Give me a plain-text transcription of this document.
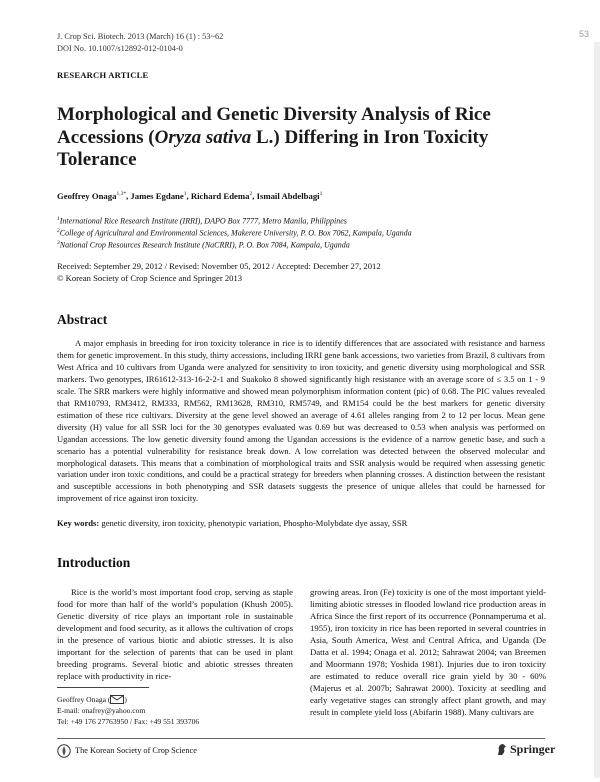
53
J. Crop Sci. Biotech. 2013 (March) 16 (1) : 53~62
DOI No. 10.1007/s12892-012-0104-0
RESEARCH ARTICLE
Morphological and Genetic Diversity Analysis of Rice Accessions (Oryza sativa L.) Differing in Iron Toxicity Tolerance
Geoffrey Onaga$^{1,3*}$, James Egdane$^1$, Richard Edema$^2$, Ismail Abdelbagi$^1$
$^1$International Rice Research Institute (IRRI), DAPO Box 7777, Metro Manila, Philippines
$^2$College of Agricultural and Environmental Sciences, Makerere University, P. O. Box 7062, Kampala, Uganda
$^3$National Crop Resources Research Institute (NaCRRI), P. O. Box 7084, Kampala, Uganda
Received: September 29, 2012 / Revised: November 05, 2012 / Accepted: December 27, 2012
© Korean Society of Crop Science and Springer 2013
Abstract
A major emphasis in breeding for iron toxicity tolerance in rice is to identify differences that are associated with resistance and harness them for genetic improvement. In this study, thirty accessions, including IRRI gene bank accessions, two varieties from Brazil, 8 cultivars from West Africa and 10 cultivars from Uganda were analyzed for sensitivity to iron toxicity, and genetic diversity using morphological and SSR markers. Two genotypes, IR61612-313-16-2-2-1 and Suakoko 8 showed significantly high resistance with an average score of ≤ 3.5 on 1 - 9 scale. The SRR markers were highly informative and showed mean polymorphism information content (pic) of 0.68. The PIC values revealed that RM10793, RM3412, RM333, RM562, RM13628, RM310, RM5749, and RM154 could be the best markers for genetic diversity estimation of these rice cultivars. Diversity at the gene level showed an average of 4.61 alleles ranging from 2 to 12 per locus. Mean gene diversity (H) value for all SSR loci for the 30 genotypes evaluated was 0.69 but was decreased to 0.53 when analysis was performed on Ugandan accessions. The low genetic diversity found among the Ugandan accessions is the evidence of a narrow genetic base, and such a scenario has a potential vulnerability for resistance break down. A low correlation was detected between the observed molecular and morphological datasets. This means that a combination of morphological traits and SSR analysis would be required when assessing genetic variation under iron toxic conditions, and could be a practical strategy for breeders when planning crosses. A distinction between the resistant and susceptible accessions in both phenotyping and SSR datasets suggests the presence of unique alleles that could be harnessed for improvement of rice against iron toxicity.
Key words: genetic diversity, iron toxicity, phenotypic variation, Phospho-Molybdate dye assay, SSR
Introduction
Rice is the world’s most important food crop, serving as staple food for more than half of the world’s population (Khush 2005). Genetic diversity of rice plays an important role in sustainable development and food security, as it allows the cultivation of crops in the presence of various biotic and abiotic stresses. It is also important for the selection of parents that can be used in plant breeding programs. Several biotic and abiotic stresses threaten replace with productivity in rice-
growing areas. Iron (Fe) toxicity is one of the most important yield-limiting abiotic stresses in flooded lowland rice production areas in Africa Since the first report of its occurrence (Ponnamperuma et al. 1955), iron toxicity in rice has been reported in several countries in Asia, South America, West and Central Africa, and Uganda (De Datta et al. 1994; Onaga et al. 2012; Sahrawat 2004; van Breemen and Moormann 1978; Yoshida 1981). Injuries due to iron toxicity are estimated to reduce overall rice grain yield by 30 - 60% (Majerus et al. 2007b; Sahrawat 2000). Toxicity at seedling and early vegetative stages can strongly affect plant growth, and may result in complete yield loss (Abifarin 1988). Many cultivars are
Geoffrey Onaga ( )
E-mail: onafrey@yahoo.com
Tel: +49 176 27763950 / Fax: +49 551 393706
The Korean Society of Crop Science	Springer
